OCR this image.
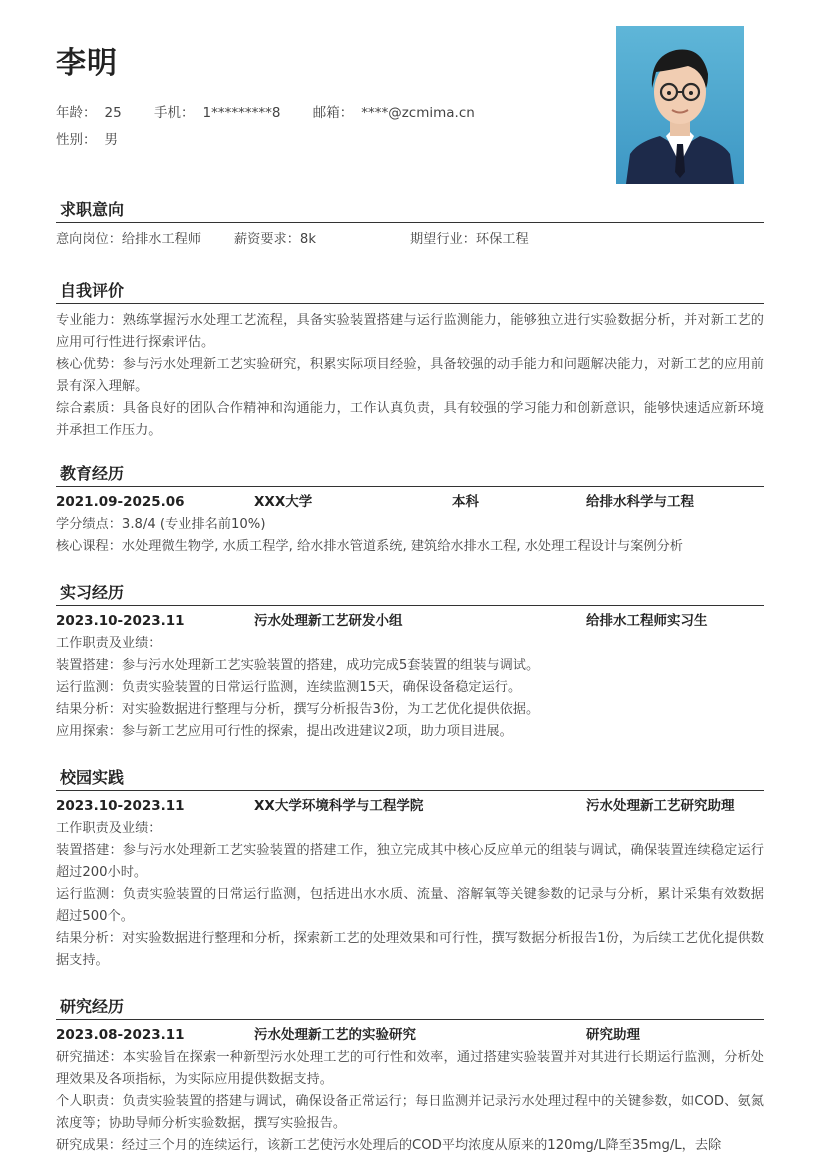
李明
年龄： 25 手机： 1*********8 邮箱： ****@zcmima.cn
性别： 男
求职意向
意向岗位：给排水工程师 薪资要求：8k	期望行业：环保工程
自我评价
专业能力：熟练掌握污水处理工艺流程，具备实验装置搭建与运行监测能力，能够独立进行实验数据分析，并对新工艺的应用可行性进行探索评估。
核心优势：参与污水处理新工艺实验研究，积累实际项目经验，具备较强的动手能力和问题解决能力，对新工艺的应用前景有深入理解。
综合素质：具备良好的团队合作精神和沟通能力，工作认真负责，具有较强的学习能力和创新意识，能够快速适应新环境并承担工作压力。
教育经历
2021.09-2025.06	XXX大学	本科	给排水科学与工程
学分绩点：3.8/4 (专业排名前10%)
核心课程：水处理微生物学, 水质工程学, 给水排水管道系统, 建筑给水排水工程, 水处理工程设计与案例分析
实习经历
2023.10-2023.11	污水处理新工艺研发小组	给排水工程师实习生
工作职责及业绩：
装置搭建：参与污水处理新工艺实验装置的搭建，成功完成5套装置的组装与调试。
运行监测：负责实验装置的日常运行监测，连续监测15天，确保设备稳定运行。
结果分析：对实验数据进行整理与分析，撰写分析报告3份，为工艺优化提供依据。
应用探索：参与新工艺应用可行性的探索，提出改进建议2项，助力项目进展。
校园实践
2023.10-2023.11	XX大学环境科学与工程学院	污水处理新工艺研究助理
工作职责及业绩：
装置搭建：参与污水处理新工艺实验装置的搭建工作，独立完成其中核心反应单元的组装与调试，确保装置连续稳定运行超过200小时。
运行监测：负责实验装置的日常运行监测，包括进出水水质、流量、溶解氧等关键参数的记录与分析，累计采集有效数据超过500个。
结果分析：对实验数据进行整理和分析，探索新工艺的处理效果和可行性，撰写数据分析报告1份，为后续工艺优化提供数据支持。
研究经历
2023.08-2023.11	污水处理新工艺的实验研究	研究助理
研究描述：本实验旨在探索一种新型污水处理工艺的可行性和效率，通过搭建实验装置并对其进行长期运行监测，分析处理效果及各项指标，为实际应用提供数据支持。
个人职责：负责实验装置的搭建与调试，确保设备正常运行；每日监测并记录污水处理过程中的关键参数，如COD、氨氮浓度等；协助导师分析实验数据，撰写实验报告。
研究成果：经过三个月的连续运行，该新工艺使污水处理后的COD平均浓度从原来的120mg/L降至35mg/L，去除
